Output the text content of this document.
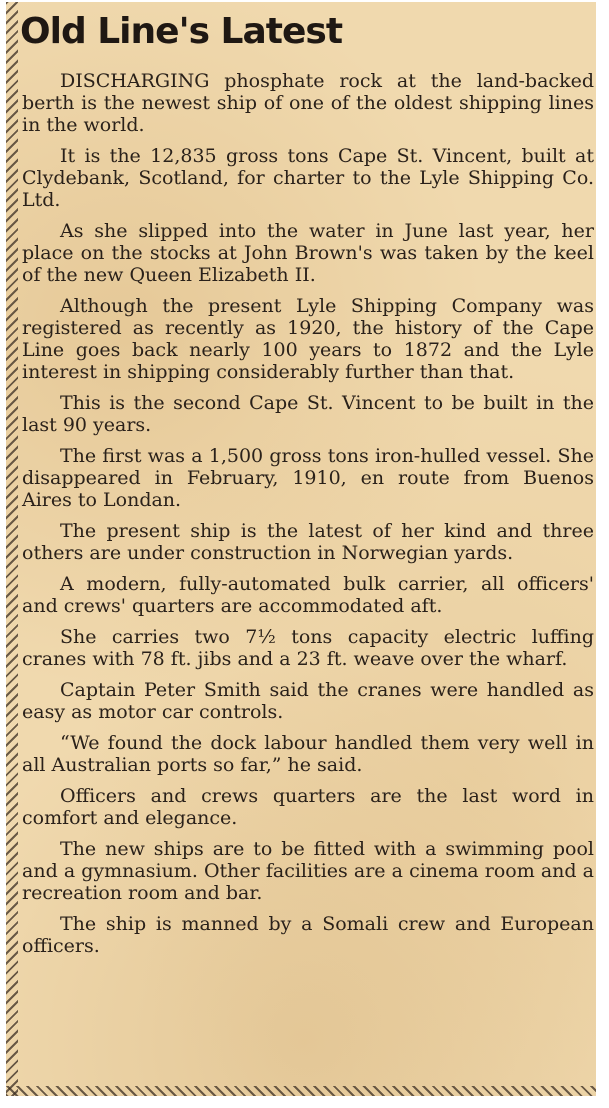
Old Line's Latest

DISCHARGING phosphate rock at the land-backed berth is the newest ship of one of the oldest shipping lines in the world.

It is the 12,835 gross tons Cape St. Vincent, built at Clydebank, Scotland, for charter to the Lyle Shipping Co. Ltd.

As she slipped into the water in June last year, her place on the stocks at John Brown's was taken by the keel of the new Queen Elizabeth II.

Although the present Lyle Shipping Company was registered as recently as 1920, the history of the Cape Line goes back nearly 100 years to 1872 and the Lyle interest in shipping considerably further than that.

This is the second Cape St. Vincent to be built in the last 90 years.

The first was a 1,500 gross tons iron-hulled vessel. She disappeared in February, 1910, en route from Buenos Aires to Londan.

The present ship is the latest of her kind and three others are under construction in Norwegian yards.

A modern, fully-automated bulk carrier, all officers' and crews' quarters are accommodated aft.

She carries two 7½ tons capacity electric luffing cranes with 78 ft. jibs and a 23 ft. weave over the wharf.

Captain Peter Smith said the cranes were handled as easy as motor car controls.

“We found the dock labour handled them very well in all Australian ports so far,” he said.

Officers and crews quarters are the last word in comfort and elegance.

The new ships are to be fitted with a swimming pool and a gymnasium. Other facilities are a cinema room and a recreation room and bar.

The ship is manned by a Somali crew and European officers.
